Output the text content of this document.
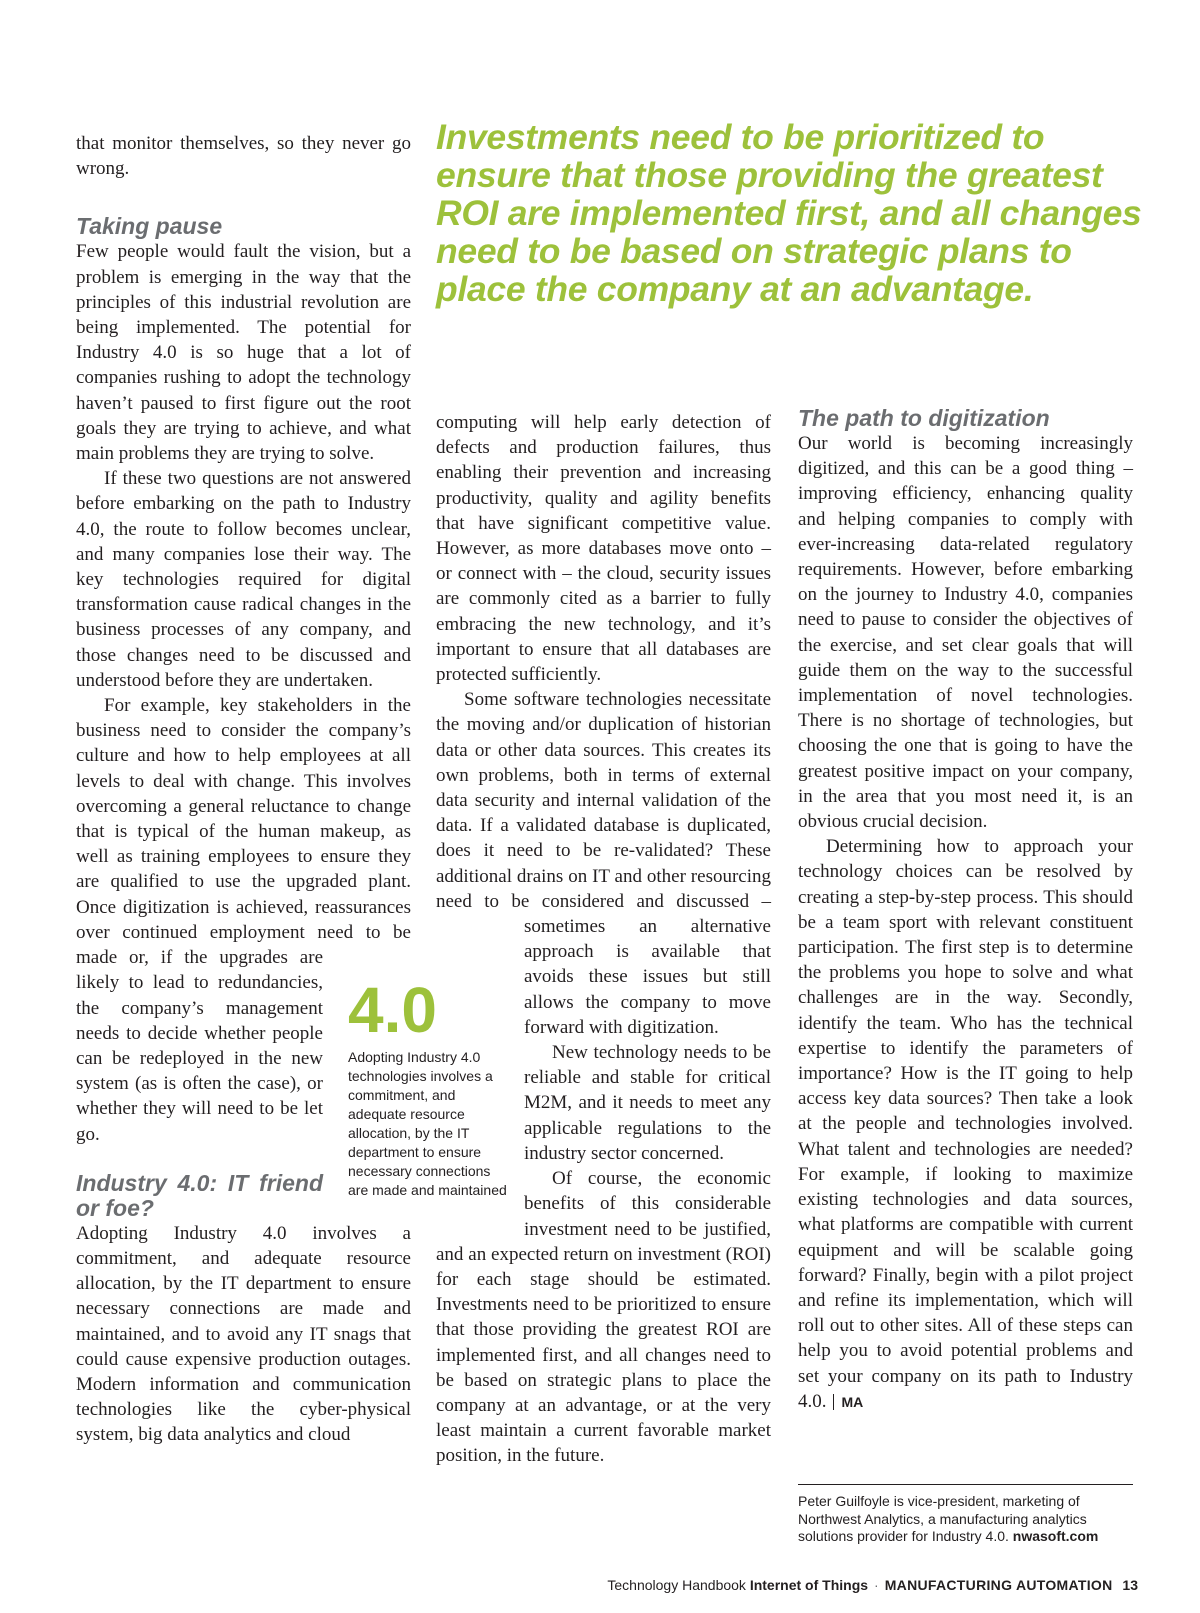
Investments need to be prioritized to ensure that those providing the greatest ROI are implemented first, and all changes need to be based on strategic plans to place the company at an advantage.

that monitor themselves, so they never go wrong.

Taking pause

Few people would fault the vision, but a problem is emerging in the way that the principles of this industrial revolution are being implemented. The potential for Industry 4.0 is so huge that a lot of companies rushing to adopt the technology haven’t paused to first figure out the root goals they are trying to achieve, and what main problems they are trying to solve.

If these two questions are not answered before embarking on the path to Industry 4.0, the route to follow becomes unclear, and many companies lose their way. The key technologies required for digital transformation cause radical changes in the business processes of any company, and those changes need to be discussed and understood before they are undertaken.

For example, key stakeholders in the business need to consider the company’s culture and how to help employees at all levels to deal with change. This involves overcoming a general reluctance to change that is typical of the human makeup, as well as training employees to ensure they are qualified to use the upgraded plant. Once digitization is achieved, reassurances over continued employment need to be made or, if the upgrades are likely to lead to redundancies, the company’s management needs to decide whether people can be redeployed in the new system (as is often the case), or whether they will need to be let go.

Industry 4.0: IT friend or foe?

Adopting Industry 4.0 involves a commitment, and adequate resource allocation, by the IT department to ensure necessary connections are made and maintained, and to avoid any IT snags that could cause expensive production outages. Modern information and communication technologies like the cyber-physical system, big data analytics and cloud

4.0

Adopting Industry 4.0 technologies involves a commitment, and adequate resource allocation, by the IT department to ensure necessary connections are made and maintained

computing will help early detection of defects and production failures, thus enabling their prevention and increasing productivity, quality and agility benefits that have significant competitive value. However, as more databases move onto – or connect with – the cloud, security issues are commonly cited as a barrier to fully embracing the new technology, and it’s important to ensure that all databases are protected sufficiently.

Some software technologies necessitate the moving and/or duplication of historian data or other data sources. This creates its own problems, both in terms of external data security and internal validation of the data. If a validated database is duplicated, does it need to be re-validated? These additional drains on IT and other resourcing need to be considered and discussed – sometimes an alternative approach is available that avoids these issues but still allows the company to move forward with digitization.

New technology needs to be reliable and stable for critical M2M, and it needs to meet any applicable regulations to the industry sector concerned.

Of course, the economic benefits of this considerable investment need to be justified, and an expected return on investment (ROI) for each stage should be estimated. Investments need to be prioritized to ensure that those providing the greatest ROI are implemented first, and all changes need to be based on strategic plans to place the company at an advantage, or at the very least maintain a current favorable market position, in the future.

The path to digitization

Our world is becoming increasingly digitized, and this can be a good thing – improving efficiency, enhancing quality and helping companies to comply with ever-increasing data-related regulatory requirements. However, before embarking on the journey to Industry 4.0, companies need to pause to consider the objectives of the exercise, and set clear goals that will guide them on the way to the successful implementation of novel technologies. There is no shortage of technologies, but choosing the one that is going to have the greatest positive impact on your company, in the area that you most need it, is an obvious crucial decision.

Determining how to approach your technology choices can be resolved by creating a step-by-step process. This should be a team sport with relevant constituent participation. The first step is to determine the problems you hope to solve and what challenges are in the way. Secondly, identify the team. Who has the technical expertise to identify the parameters of importance? How is the IT going to help access key data sources? Then take a look at the people and technologies involved. What talent and technologies are needed? For example, if looking to maximize existing technologies and data sources, what platforms are compatible with current equipment and will be scalable going forward? Finally, begin with a pilot project and refine its implementation, which will roll out to other sites. All of these steps can help you to avoid potential problems and set your company on its path to Industry 4.0. MA

Peter Guilfoyle is vice-president, marketing of Northwest Analytics, a manufacturing analytics solutions provider for Industry 4.0. nwasoft.com

Technology Handbook Internet of Things · MANUFACTURING AUTOMATION 13
